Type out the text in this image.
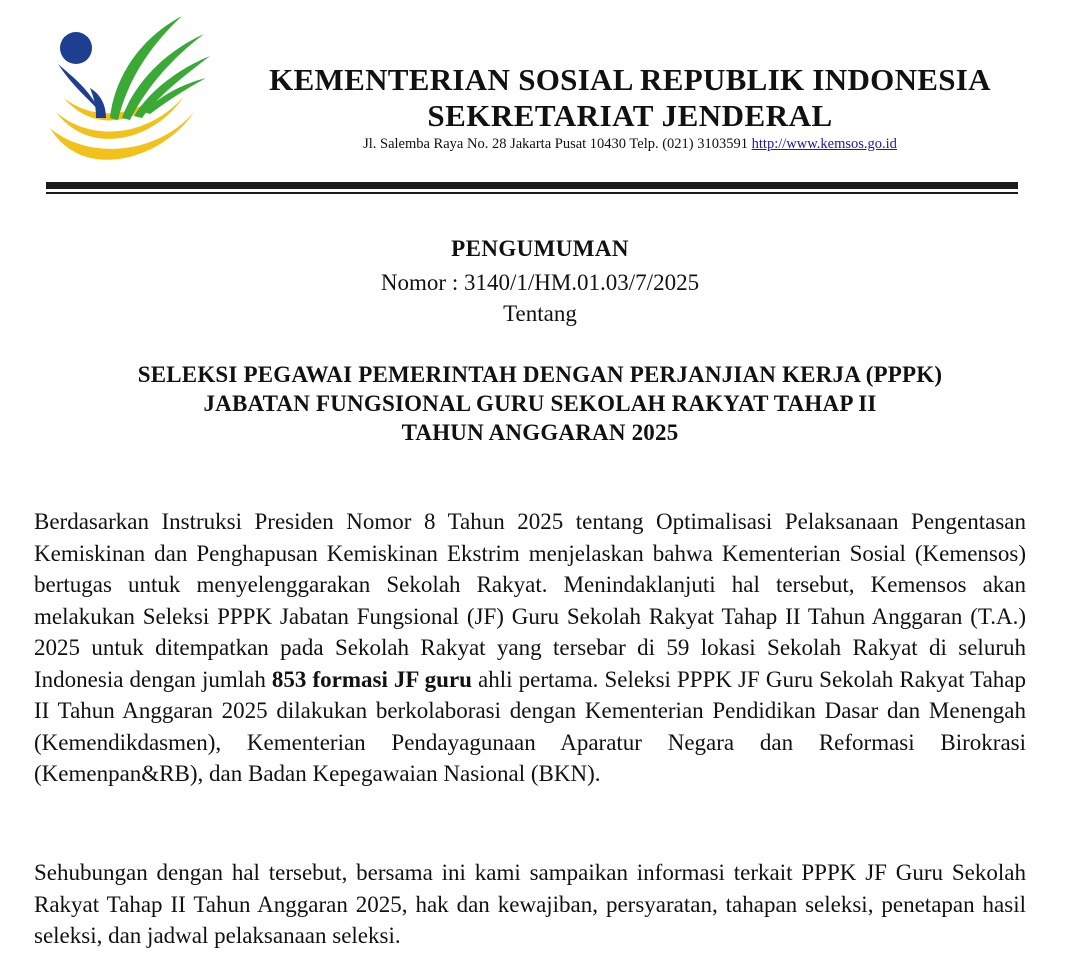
KEMENTERIAN SOSIAL REPUBLIK INDONESIA
SEKRETARIAT JENDERAL
Jl. Salemba Raya No. 28 Jakarta Pusat 10430 Telp. (021) 3103591 http://www.kemsos.go.id
PENGUMUMAN
Nomor : 3140/1/HM.01.03/7/2025
Tentang
SELEKSI PEGAWAI PEMERINTAH DENGAN PERJANJIAN KERJA (PPPK)
JABATAN FUNGSIONAL GURU SEKOLAH RAKYAT TAHAP II
TAHUN ANGGARAN 2025

Berdasarkan Instruksi Presiden Nomor 8 Tahun 2025 tentang Optimalisasi Pelaksanaan Pengentasan Kemiskinan dan Penghapusan Kemiskinan Ekstrim menjelaskan bahwa Kementerian Sosial (Kemensos) bertugas untuk menyelenggarakan Sekolah Rakyat. Menindaklanjuti hal tersebut, Kemensos akan melakukan Seleksi PPPK Jabatan Fungsional (JF) Guru Sekolah Rakyat Tahap II Tahun Anggaran (T.A.) 2025 untuk ditempatkan pada Sekolah Rakyat yang tersebar di 59 lokasi Sekolah Rakyat di seluruh Indonesia dengan jumlah 853 formasi JF guru ahli pertama. Seleksi PPPK JF Guru Sekolah Rakyat Tahap II Tahun Anggaran 2025 dilakukan berkolaborasi dengan Kementerian Pendidikan Dasar dan Menengah (Kemendikdasmen), Kementerian Pendayagunaan Aparatur Negara dan Reformasi Birokrasi (Kemenpan&RB), dan Badan Kepegawaian Nasional (BKN).

Sehubungan dengan hal tersebut, bersama ini kami sampaikan informasi terkait PPPK JF Guru Sekolah Rakyat Tahap II Tahun Anggaran 2025, hak dan kewajiban, persyaratan, tahapan seleksi, penetapan hasil seleksi, dan jadwal pelaksanaan seleksi.
